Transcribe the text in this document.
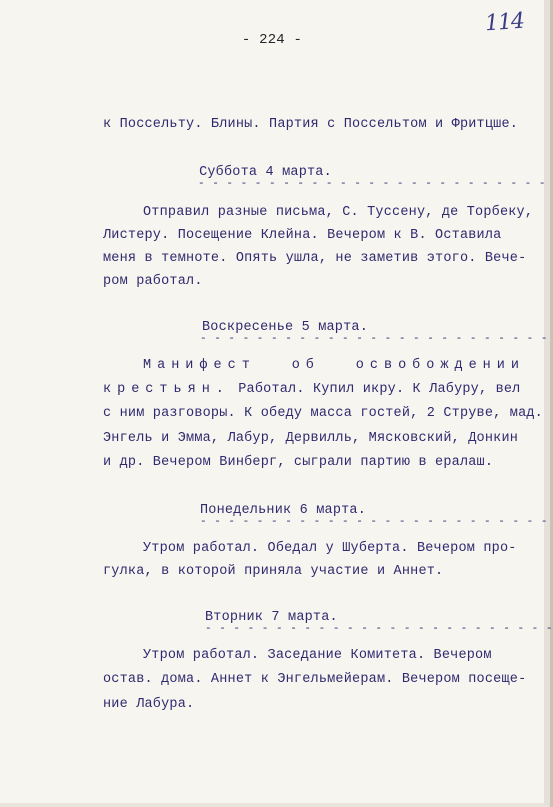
114
- 224 -
к Посcельту. Блины. Партия с Посcельтом и Фритцше.
Суббота 4 марта.
- - - - - - - - - - - - - - - - - - - - - - - - -
Отправил разные письма, С. Туссену, де Торбеку,
Листеру. Посещение Клейна. Вечером к В. Оставила
меня в темноте. Опять ушла, не заметив этого. Вече-
ром работал.
Воскресенье 5 марта.
- - - - - - - - - - - - - - - - - - - - - - - - -
Манифест	об	освобождении
крестьян. Работал. Купил икру. К Лабуру, вел
с ним разговоры. К обеду масса гостей, 2 Струве, мад.
Энгель и Эмма, Лабур, Дервилль, Мясковский, Донкин
и др. Вечером Винберг, сыграли партию в ералаш.
Понедельник 6 марта.
- - - - - - - - - - - - - - - - - - - - - - - - -
Утром работал. Обедал у Шуберта. Вечером про-
гулка, в которой приняла участие и Аннет.
Вторник 7 марта.
- - - - - - - - - - - - - - - - - - - - - - - - -
Утром работал. Заседание Комитета. Вечером
остав. дома. Аннет к Энгельмейерам. Вечером посеще-
ние Лабура.
